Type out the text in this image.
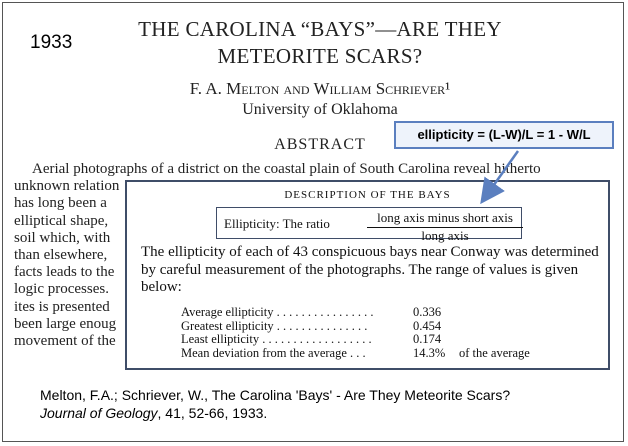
1933
THE CAROLINA “BAYS”—ARE THEY
METEORITE SCARS?
F. A. Melton and William Schriever¹
University of Oklahoma
ABSTRACT
Aerial photographs of a district on the coastal plain of South Carolina reveal hitherto
unknown relation
has long been a
elliptical shape,
soil which, with
than elsewhere,
facts leads to the
logic processes.
ites is presented
been large enoug
movement of the
DESCRIPTION OF THE BAYS
Ellipticity: The ratio	long axis minus short axis
long axis
The ellipticity of each of 43 conspicuous bays near Conway was determined by careful measurement of the photographs. The range of values is given below:
Average ellipticity . . . . . . . . . . . . . . . .	0.336
Greatest ellipticity . . . . . . . . . . . . . . .	0.454
Least ellipticity . . . . . . . . . . . . . . . . . .	0.174
Mean deviation from the average . . .	14.3% of the average
ellipticity = (L-W)/L = 1 - W/L
Melton, F.A.; Schriever, W., The Carolina 'Bays' - Are They Meteorite Scars?
Journal of Geology, 41, 52-66, 1933.
